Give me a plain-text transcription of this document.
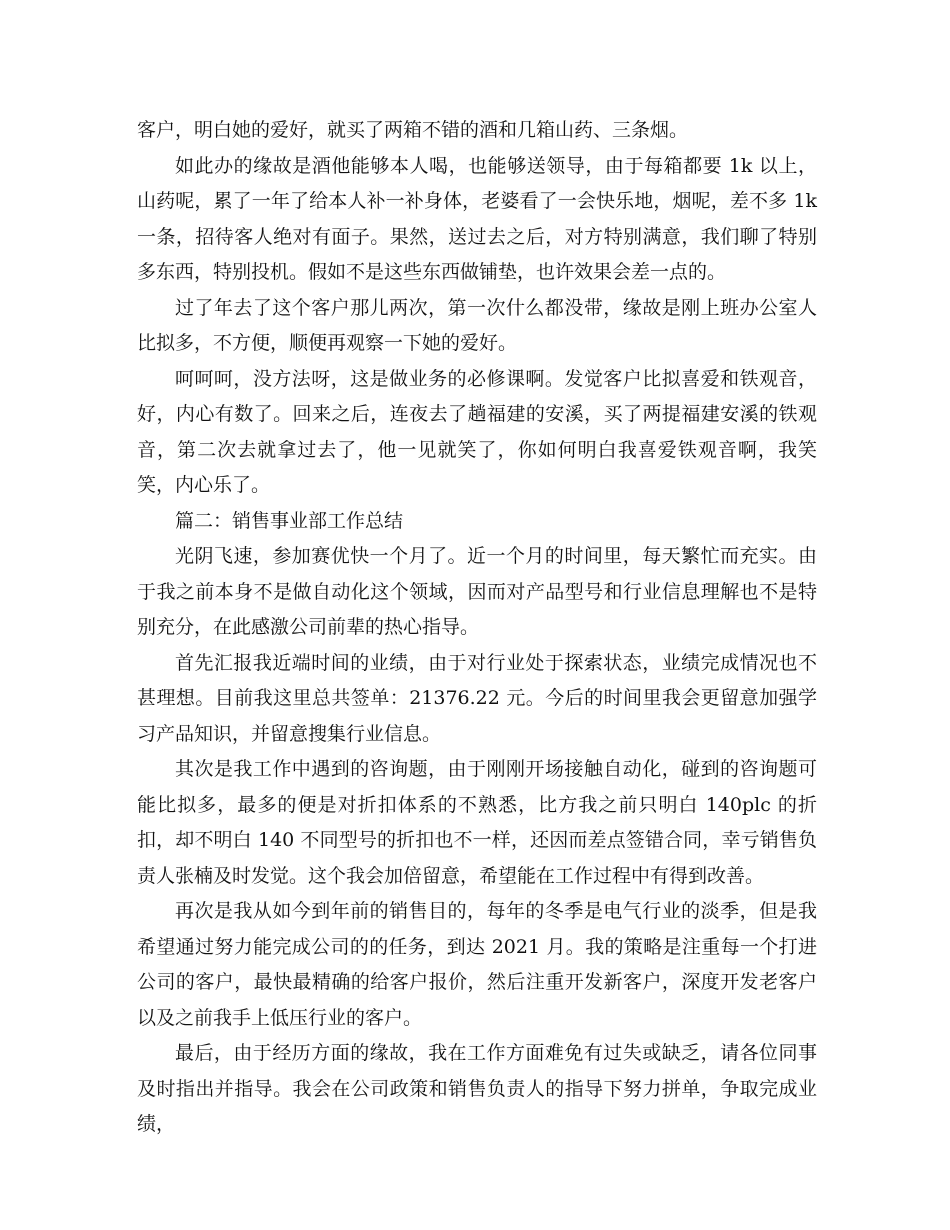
客户，明白她的爱好，就买了两箱不错的酒和几箱山药、三条烟。

如此办的缘故是酒他能够本人喝，也能够送领导，由于每箱都要 1k 以上，山药呢，累了一年了给本人补一补身体，老婆看了一会快乐地，烟呢，差不多 1k 一条，招待客人绝对有面子。果然，送过去之后，对方特别满意，我们聊了特别多东西，特别投机。假如不是这些东西做铺垫，也许效果会差一点的。

过了年去了这个客户那儿两次，第一次什么都没带，缘故是刚上班办公室人比拟多，不方便，顺便再观察一下她的爱好。

呵呵呵，没方法呀，这是做业务的必修课啊。发觉客户比拟喜爱和铁观音，好，内心有数了。回来之后，连夜去了趟福建的安溪，买了两提福建安溪的铁观音，第二次去就拿过去了，他一见就笑了，你如何明白我喜爱铁观音啊，我笑笑，内心乐了。

篇二：销售事业部工作总结

光阴飞速，参加赛优快一个月了。近一个月的时间里，每天繁忙而充实。由于我之前本身不是做自动化这个领域，因而对产品型号和行业信息理解也不是特别充分，在此感激公司前辈的热心指导。

首先汇报我近端时间的业绩，由于对行业处于探索状态，业绩完成情况也不甚理想。目前我这里总共签单：21376.22 元。今后的时间里我会更留意加强学习产品知识，并留意搜集行业信息。

其次是我工作中遇到的咨询题，由于刚刚开场接触自动化，碰到的咨询题可能比拟多，最多的便是对折扣体系的不熟悉，比方我之前只明白 140plc 的折扣，却不明白 140 不同型号的折扣也不一样，还因而差点签错合同，幸亏销售负责人张楠及时发觉。这个我会加倍留意，希望能在工作过程中有得到改善。

再次是我从如今到年前的销售目的，每年的冬季是电气行业的淡季，但是我希望通过努力能完成公司的的任务，到达 2021 月。我的策略是注重每一个打进公司的客户，最快最精确的给客户报价，然后注重开发新客户，深度开发老客户以及之前我手上低压行业的客户。

最后，由于经历方面的缘故，我在工作方面难免有过失或缺乏，请各位同事及时指出并指导。我会在公司政策和销售负责人的指导下努力拼单，争取完成业绩，
